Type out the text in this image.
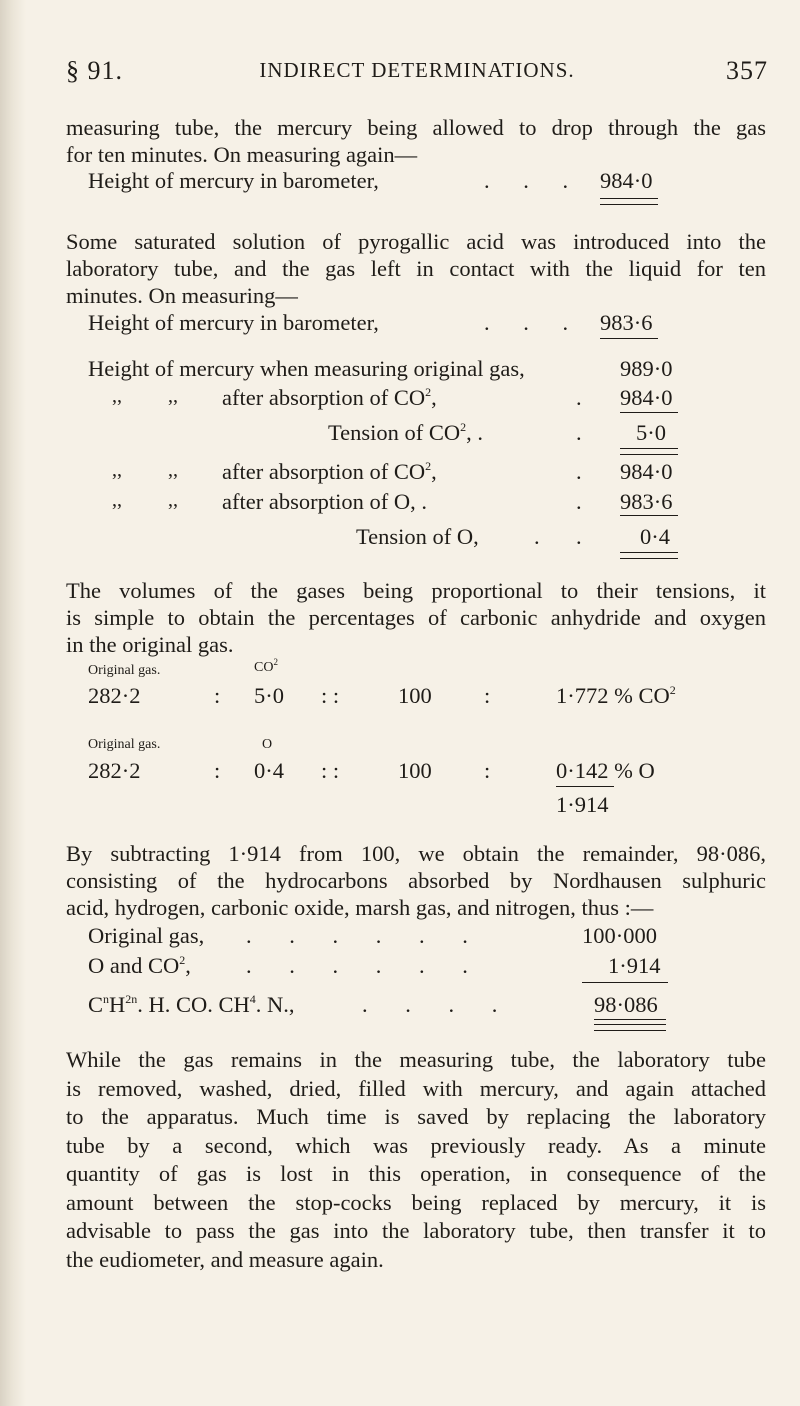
§ 91.	INDIRECT DETERMINATIONS.	357
measuring tube, the mercury being allowed to drop through the gas
for ten minutes. On measuring again—
Height of mercury in barometer,	. . . 984·0
Some saturated solution of pyrogallic acid was introduced into the
laboratory tube, and the gas left in contact with the liquid for ten
minutes. On measuring—
Height of mercury in barometer,	. . . 983·6
Height of mercury when measuring original gas,	989·0
,, ,, after absorption of $CO^2$,	. 984·0
Tension of $CO^2$, .	. 5·0
,, ,, after absorption of $CO^2$,	. 984·0
,, ,, after absorption of O, .	. 983·6
Tension of O, . .	0·4
The volumes of the gases being proportional to their tensions, it
is simple to obtain the percentages of carbonic anhydride and oxygen
in the original gas.
Original gas.	$CO^2$
282·2	: 5·0 : :	100 :	1·772 % $CO^2$
Original gas.	O
282·2	: 0·4 : :	100 :	0·142 % O
1·914
By subtracting 1·914 from 100, we obtain the remainder, 98·086,
consisting of the hydrocarbons absorbed by Nordhausen sulphuric
acid, hydrogen, carbonic oxide, marsh gas, and nitrogen, thus :—
Original gas, . . . . . .	100·000
O and $CO^2$, . . . . . .	1·914
$C^nH^{2n}$. H. CO. $CH^4$. N.,	. . . .	98·086
While the gas remains in the measuring tube, the laboratory tube
is removed, washed, dried, filled with mercury, and again attached
to the apparatus. Much time is saved by replacing the laboratory
tube by a second, which was previously ready. As a minute
quantity of gas is lost in this operation, in consequence of the
amount between the stop-cocks being replaced by mercury, it is
advisable to pass the gas into the laboratory tube, then transfer it to
the eudiometer, and measure again.
